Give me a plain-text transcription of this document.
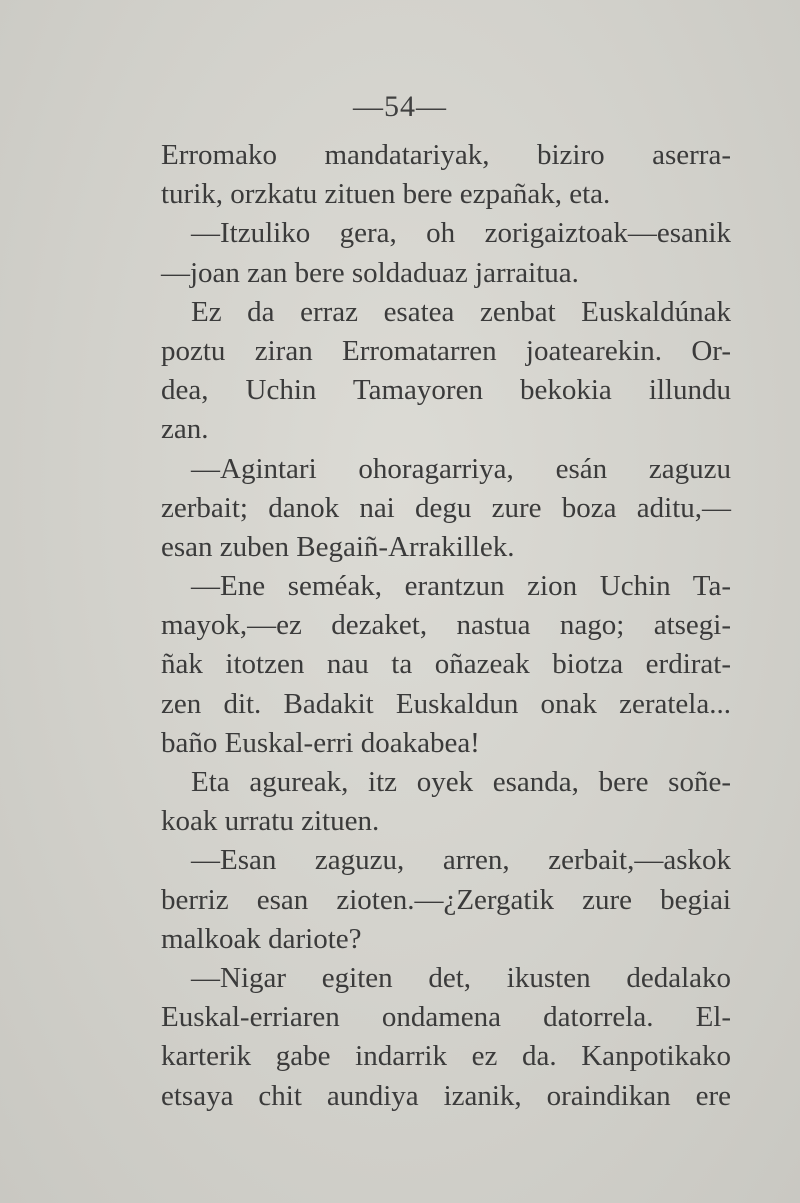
—54—
Erromako mandatariyak, biziro aserra-
turik, orzkatu zituen bere ezpañak, eta.
—Itzuliko gera, oh zorigaiztoak—esanik
—joan zan bere soldaduaz jarraitua.
Ez da erraz esatea zenbat Euskaldúnak
poztu ziran Erromatarren joatearekin. Or-
dea, Uchin Tamayoren bekokia illundu
zan.
—Agintari ohoragarriya, esán zaguzu
zerbait; danok nai degu zure boza aditu,—
esan zuben Begaiñ-Arrakillek.
—Ene seméak, erantzun zion Uchin Ta-
mayok,—ez dezaket, nastua nago; atsegi-
ñak itotzen nau ta oñazeak biotza erdirat-
zen dit. Badakit Euskaldun onak zeratela...
baño Euskal-erri doakabea!
Eta agureak, itz oyek esanda, bere soñe-
koak urratu zituen.
—Esan zaguzu, arren, zerbait,—askok
berriz esan zioten.—¿Zergatik zure begiai
malkoak dariote?
—Nigar egiten det, ikusten dedalako
Euskal-erriaren ondamena datorrela. El-
karterik gabe indarrik ez da. Kanpotikako
etsaya chit aundiya izanik, oraindikan ere
